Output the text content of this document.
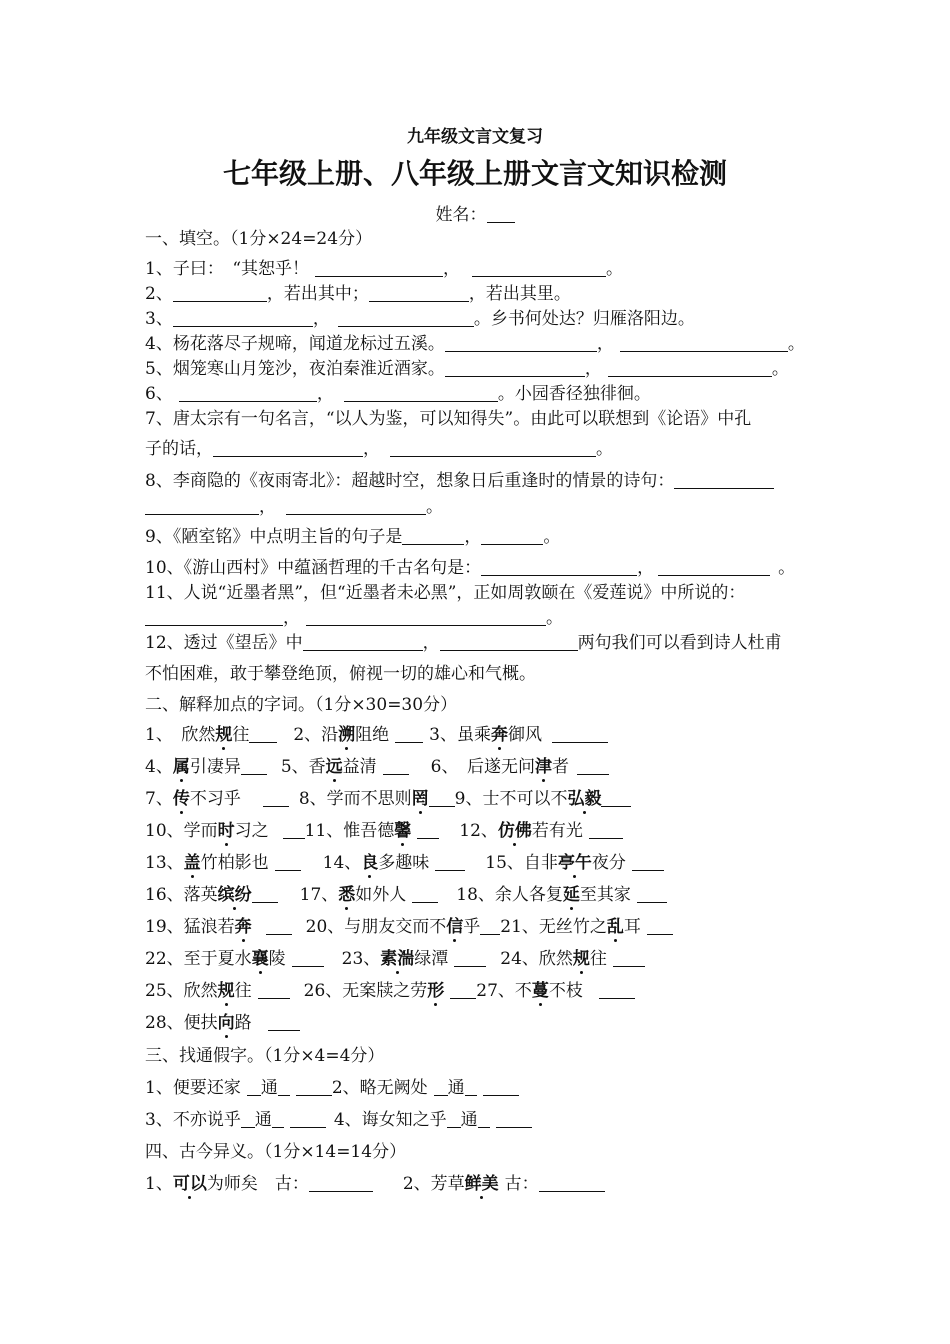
九年级文言文复习
七年级上册、八年级上册文言文知识检测
姓名：
一、填空。（1分×24=24分）
1、子曰：　“其恕乎！	，	。
2、	，若出其中；	，若出其里。
3、	，	。乡书何处达？归雁洛阳边。
4、杨花落尽子规啼，闻道龙标过五溪。	，	。
5、烟笼寒山月笼沙，夜泊秦淮近酒家。	，	。
6、	，	。小园香径独徘徊。
7、唐太宗有一句名言，“以人为鉴，可以知得失”。由此可以联想到《论语》中孔
子的话，	，	。
8、李商隐的《夜雨寄北》：超越时空，想象日后重逢时的情景的诗句：
，	。
9、《陋室铭》中点明主旨的句子是	，	。
10、《游山西村》中蕴涵哲理的千古名句是：	，	。
11、人说“近墨者黑”，但“近墨者未必黑”，正如周敦颐在《爱莲说》中所说的：
，	。
12、透过《望岳》中	，	两句我们可以看到诗人杜甫
不怕困难，敢于攀登绝顶，俯视一切的雄心和气概。
二、解释加点的字词。（1分×30=30分）
1、　欣然规往	2、沿溯阻绝 3、虽乘奔御风
4、属引凄异 5、香远益清	6、　后遂无问津者
7、传不习乎	8、学而不思则罔 9、士不可以不弘毅
10、学而时习之 11、惟吾德馨	12、仿佛若有光
13、盖竹柏影也	14、良多趣味	15、自非亭午夜分
16、落英缤纷	17、悉如外人	18、余人各复延至其家
19、猛浪若奔	20、与朋友交而不信乎 21、无丝竹之乱耳
22、至于夏水襄陵	23、素湍绿潭	24、欣然规往
25、欣然规往	26、无案牍之劳形 27、不蔓不枝
28、便扶向路
三、找通假字。（1分×4=4分）
1、便要还家 通	2、略无阙处 通
3、不亦说乎 通	4、诲女知之乎 通
四、古今异义。（1分×14=14分）
1、可以为师矣　古：	2、芳草鲜美 古：
